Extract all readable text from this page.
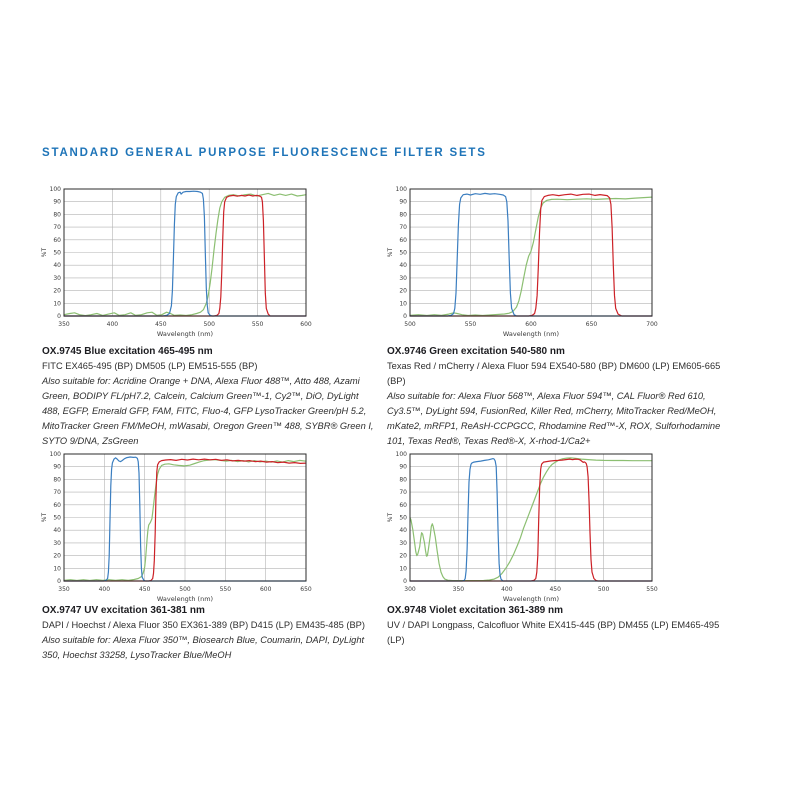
STANDARD GENERAL PURPOSE FLUORESCENCE FILTER SETS
0
10
20
30
40
50
60
70
80
90
100
350	400	450	500	550	600
%T
Wavelength (nm)
0
10
20
30
40
50
60
70
80
90
100
500	550	600	650	700
%T
Wavelength (nm)
0
10
20
30
40
50
60
70
80
90
100
350	400	450	500	550	600	650
%T
Wavelength (nm)
0
10
20
30
40
50
60
70
80
90
100
300	350	400	450	500	550
%T
Wavelength (nm)
OX.9745 Blue excitation 465-495 nm
FITC EX465-495 (BP) DM505 (LP) EM515-555 (BP)
Also suitable for: Acridine Orange + DNA, Alexa Fluor 488™, Atto 488, Azami Green, BODIPY FL/pH7.2, Calcein, Calcium Green™-1, Cy2™, DiO, DyLight 488, EGFP, Emerald GFP, FAM, FITC, Fluo-4, GFP LysoTracker Green/pH 5.2, MitoTracker Green FM/MeOH, mWasabi, Oregon Green™ 488, SYBR® Green I, SYTO 9/DNA, ZsGreen
OX.9746 Green excitation 540-580 nm
Texas Red / mCherry / Alexa Fluor 594 EX540-580 (BP) DM600 (LP) EM605-665 (BP)
Also suitable for: Alexa Fluor 568™, Alexa Fluor 594™, CAL Fluor® Red 610, Cy3.5™, DyLight 594, FusionRed, Killer Red, mCherry, MitoTracker Red/MeOH, mKate2, mRFP1, ReAsH-CCPGCC, Rhodamine Red™-X, ROX, Sulforhodamine 101, Texas Red®, Texas Red®-X, X-rhod-1/Ca2+
OX.9747 UV excitation 361-381 nm
DAPI / Hoechst / Alexa Fluor 350 EX361-389 (BP) D415 (LP) EM435-485 (BP)
Also suitable for: Alexa Fluor 350™, Biosearch Blue, Coumarin, DAPI, DyLight 350, Hoechst 33258, LysoTracker Blue/MeOH
OX.9748 Violet excitation 361-389 nm
UV / DAPI Longpass, Calcofluor White EX415-445 (BP) DM455 (LP) EM465-495 (LP)
